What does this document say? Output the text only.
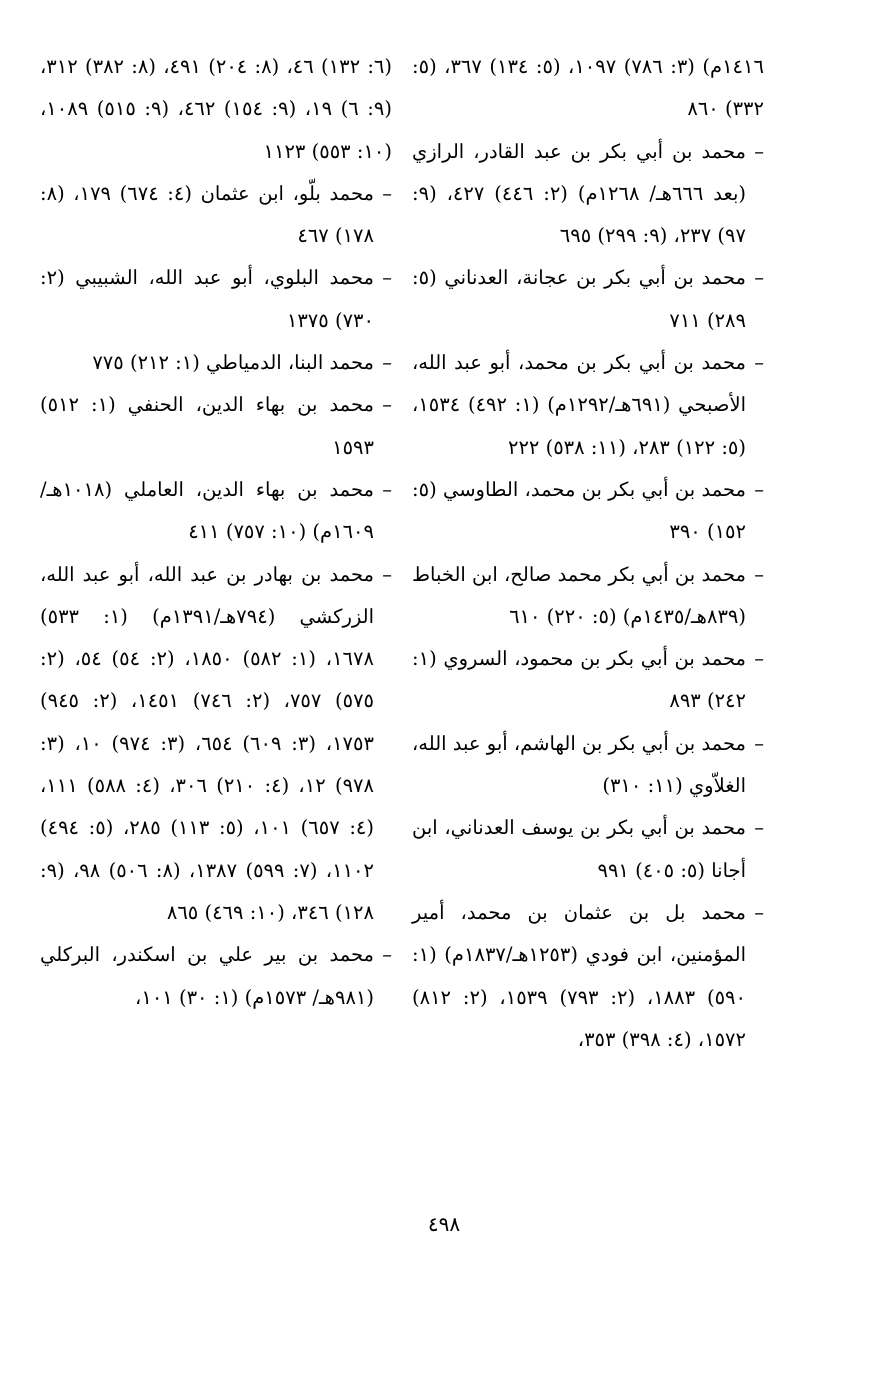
١٤١٦م) (٣: ٧٨٦) ١٠٩٧، (٥: ١٣٤) ٣٦٧، (٥: ٣٣٢) ٨٦٠

–محمد بن أبي بكر بن عبد القادر، الرازي (بعد ٦٦٦هـ/ ١٢٦٨م) (٢: ٤٤٦) ٤٢٧، (٩: ٩٧) ٢٣٧، (٩: ٢٩٩) ٦٩٥

–محمد بن أبي بكر بن عجانة، العدناني (٥: ٢٨٩) ٧١١

–محمد بن أبي بكر بن محمد، أبو عبد الله، الأصبحي (٦٩١هـ/١٢٩٢م) (١: ٤٩٢) ١٥٣٤، (٥: ١٢٢) ٢٨٣، (١١: ٥٣٨) ٢٢٢

–محمد بن أبي بكر بن محمد، الطاوسي (٥: ١٥٢) ٣٩٠

–محمد بن أبي بكر محمد صالح، ابن الخباط (٨٣٩هـ/١٤٣٥م) (٥: ٢٢٠) ٦١٠

–محمد بن أبي بكر بن محمود، السروي (١: ٢٤٢) ٨٩٣

–محمد بن أبي بكر بن الهاشم، أبو عبد الله، الغلاّوي (١١: ٣١٠)

–محمد بن أبي بكر بن يوسف العدناني، ابن أجانا (٥: ٤٠٥) ٩٩١

–محمد بل بن عثمان بن محمد، أمير المؤمنين، ابن فودي (١٢٥٣هـ/١٨٣٧م) (١: ٥٩٠) ١٨٨٣، (٢: ٧٩٣) ١٥٣٩، (٢: ٨١٢) ١٥٧٢، (٤: ٣٩٨) ٣٥٣،

(٦: ١٣٢) ٤٦، (٨: ٢٠٤) ٤٩١، (٨: ٣٨٢) ٣١٢، (٩: ٦) ١٩، (٩: ١٥٤) ٤٦٢، (٩: ٥١٥) ١٠٨٩، (١٠: ٥٥٣) ١١٢٣

–محمد بلّو، ابن عثمان (٤: ٦٧٤) ١٧٩، (٨: ١٧٨) ٤٦٧

–محمد البلوي، أبو عبد الله، الشبيبي (٢: ٧٣٠) ١٣٧٥

–محمد البنا، الدمياطي (١: ٢١٢) ٧٧٥

–محمد بن بهاء الدين، الحنفي (١: ٥١٢) ١٥٩٣

–محمد بن بهاء الدين، العاملي (١٠١٨هـ/ ١٦٠٩م) (١٠: ٧٥٧) ٤١١

–محمد بن بهادر بن عبد الله، أبو عبد الله، الزركشي (٧٩٤هـ/١٣٩١م) (١: ٥٣٣) ١٦٧٨، (١: ٥٨٢) ١٨٥٠، (٢: ٥٤) ٥٤، (٢: ٥٧٥) ٧٥٧، (٢: ٧٤٦) ١٤٥١، (٢: ٩٤٥) ١٧٥٣، (٣: ٦٠٩) ٦٥٤، (٣: ٩٧٤) ١٠، (٣: ٩٧٨) ١٢، (٤: ٢١٠) ٣٠٦، (٤: ٥٨٨) ١١١، (٤: ٦٥٧) ١٠١، (٥: ١١٣) ٢٨٥، (٥: ٤٩٤) ١١٠٢، (٧: ٥٩٩) ١٣٨٧، (٨: ٥٠٦) ٩٨، (٩: ١٢٨) ٣٤٦، (١٠: ٤٦٩) ٨٦٥

–محمد بن بير علي بن اسكندر، البركلي (٩٨١هـ/ ١٥٧٣م) (١: ٣٠) ١٠١،

٤٩٨
